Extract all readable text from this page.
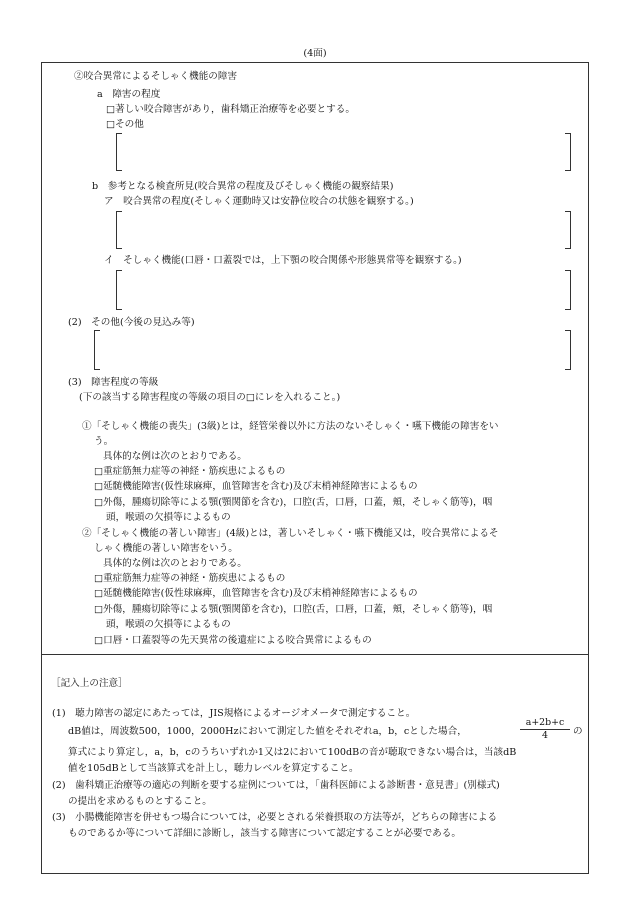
(4面)
②咬合異常によるそしゃく機能の障害
a　障害の程度
□著しい咬合障害があり，歯科矯正治療等を必要とする。
□その他
b　参考となる検査所見(咬合異常の程度及びそしゃく機能の観察結果)
ア　咬合異常の程度(そしゃく運動時又は安静位咬合の状態を観察する。)
イ　そしゃく機能(口唇・口蓋裂では，上下顎の咬合関係や形態異常等を観察する。)
(2)　その他(今後の見込み等)
(3)　障害程度の等級
(下の該当する障害程度の等級の項目の□にレを入れること。)
①「そしゃく機能の喪失」(3級)とは，経管栄養以外に方法のないそしゃく・嚥下機能の障害をい
う。
具体的な例は次のとおりである。
□重症筋無力症等の神経・筋疾患によるもの
□延髄機能障害(仮性球麻痺，血管障害を含む)及び末梢神経障害によるもの
□外傷，腫瘍切除等による顎(顎関節を含む)，口腔(舌，口唇，口蓋，頬，そしゃく筋等)，咽
頭，喉頭の欠損等によるもの
②「そしゃく機能の著しい障害」(4級)とは，著しいそしゃく・嚥下機能又は，咬合異常によるそ
しゃく機能の著しい障害をいう。
具体的な例は次のとおりである。
□重症筋無力症等の神経・筋疾患によるもの
□延髄機能障害(仮性球麻痺，血管障害を含む)及び末梢神経障害によるもの
□外傷，腫瘍切除等による顎(顎関節を含む)，口腔(舌，口唇，口蓋，頬，そしゃく筋等)，咽
頭，喉頭の欠損等によるもの
□口唇・口蓋裂等の先天異常の後遺症による咬合異常によるもの
［記入上の注意］
(1)　聴力障害の認定にあたっては，JIS規格によるオージオメータで測定すること。
dB値は，周波数500，1000，2000Hzにおいて測定した値をそれぞれa，b，cとした場合，	$\frac{a+2b+c}{4}$ の
算式により算定し，a，b，cのうちいずれか1又は2において100dBの音が聴取できない場合は，当該dB
値を105dBとして当該算式を計上し，聴力レベルを算定すること。
(2)　歯科矯正治療等の適応の判断を要する症例については，「歯科医師による診断書・意見書」(別様式)
の提出を求めるものとすること。
(3)　小腸機能障害を併せもつ場合については，必要とされる栄養摂取の方法等が，どちらの障害による
ものであるか等について詳細に診断し，該当する障害について認定することが必要である。
